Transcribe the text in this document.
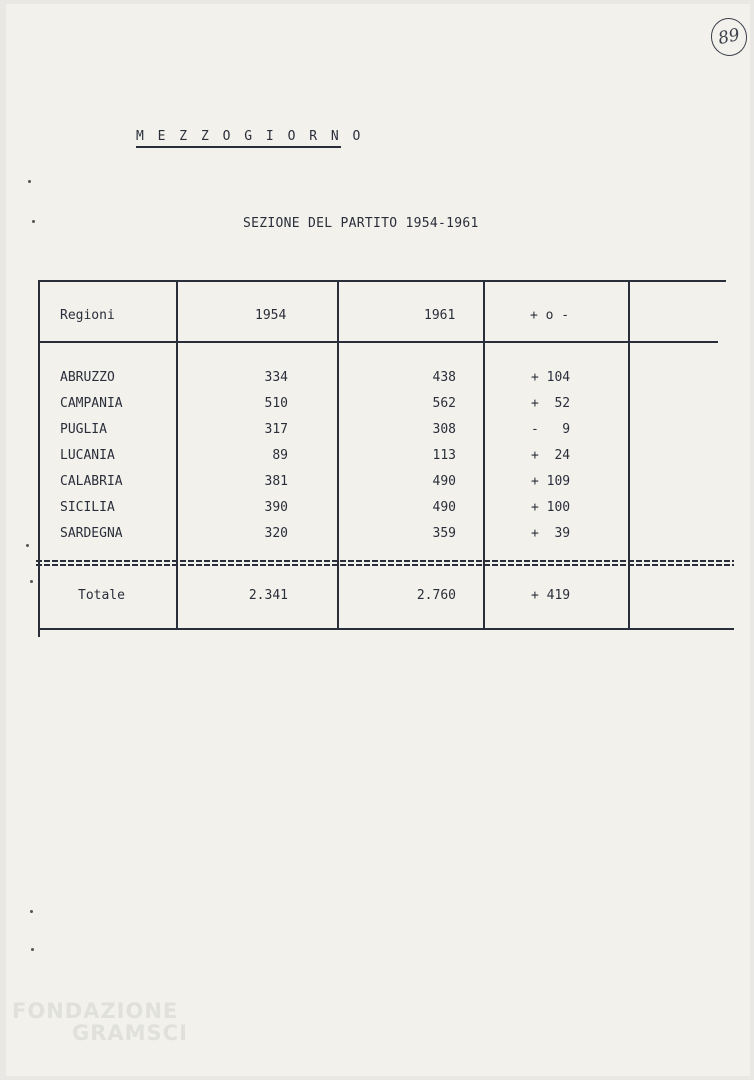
89
M E Z Z O G I O R N O
SEZIONE DEL PARTITO 1954-1961
Regioni	1954	1961	+ o -
ABRUZZO	334	438	+ 104
CAMPANIA	510	562	+  52
PUGLIA	317	308	-   9
LUCANIA	89	113	+  24
CALABRIA	381	490	+ 109
SICILIA	390	490	+ 100
SARDEGNA	320	359	+  39
Totale	2.341	2.760	+ 419
FONDAZIONE
GRAMSCI
